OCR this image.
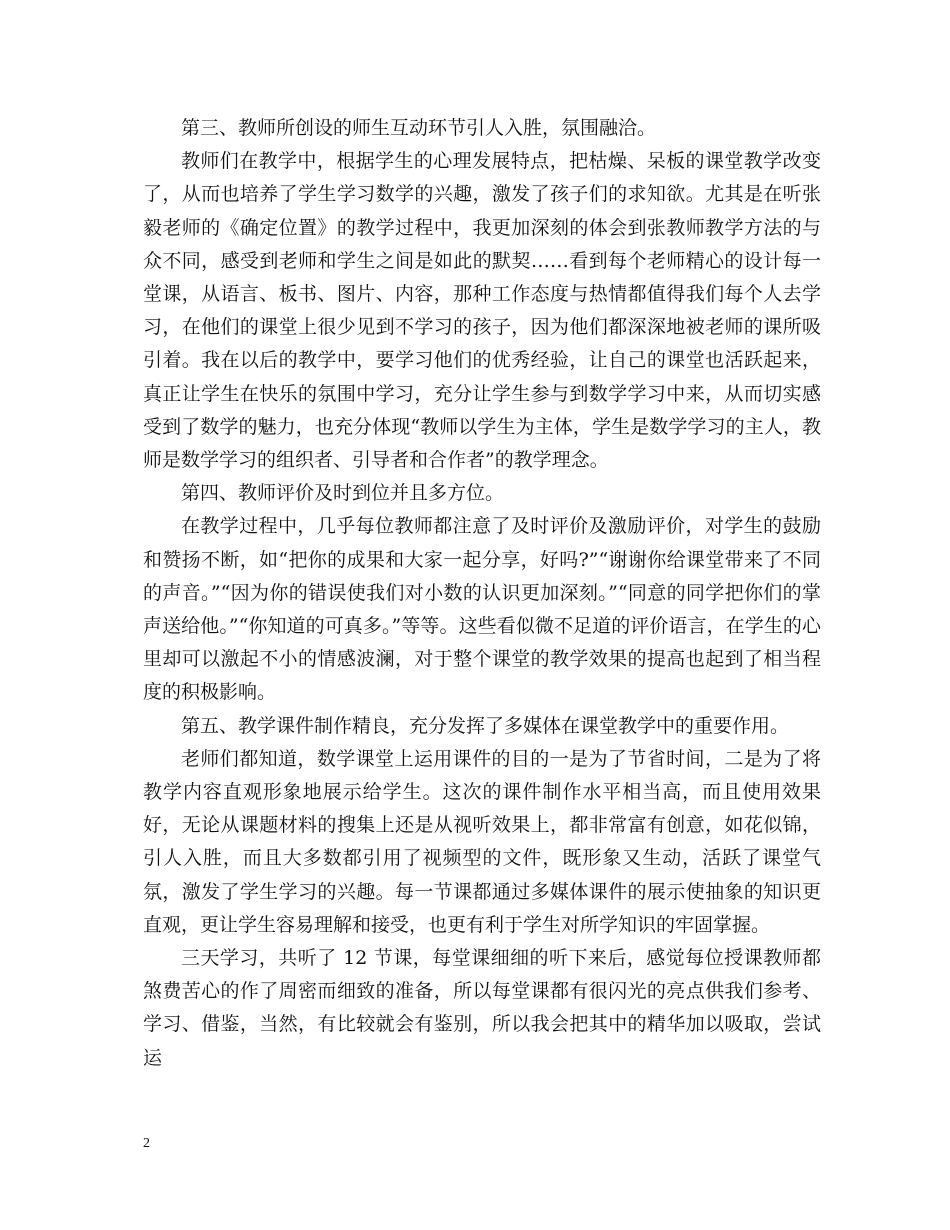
第三、教师所创设的师生互动环节引人入胜，氛围融洽。

教师们在教学中，根据学生的心理发展特点，把枯燥、呆板的课堂教学改变了，从而也培养了学生学习数学的兴趣，激发了孩子们的求知欲。尤其是在听张毅老师的《确定位置》的教学过程中，我更加深刻的体会到张教师教学方法的与众不同，感受到老师和学生之间是如此的默契……看到每个老师精心的设计每一堂课，从语言、板书、图片、内容，那种工作态度与热情都值得我们每个人去学习，在他们的课堂上很少见到不学习的孩子，因为他们都深深地被老师的课所吸引着。我在以后的教学中，要学习他们的优秀经验，让自己的课堂也活跃起来，真正让学生在快乐的氛围中学习，充分让学生参与到数学学习中来，从而切实感受到了数学的魅力，也充分体现“教师以学生为主体，学生是数学学习的主人，教师是数学学习的组织者、引导者和合作者”的教学理念。

第四、教师评价及时到位并且多方位。

在教学过程中，几乎每位教师都注意了及时评价及激励评价，对学生的鼓励和赞扬不断，如“把你的成果和大家一起分享，好吗?”“谢谢你给课堂带来了不同的声音。”“因为你的错误使我们对小数的认识更加深刻。”“同意的同学把你们的掌声送给他。”“你知道的可真多。”等等。这些看似微不足道的评价语言，在学生的心里却可以激起不小的情感波澜，对于整个课堂的教学效果的提高也起到了相当程度的积极影响。

第五、教学课件制作精良，充分发挥了多媒体在课堂教学中的重要作用。

老师们都知道，数学课堂上运用课件的目的一是为了节省时间，二是为了将教学内容直观形象地展示给学生。这次的课件制作水平相当高，而且使用效果好，无论从课题材料的搜集上还是从视听效果上，都非常富有创意，如花似锦，引人入胜，而且大多数都引用了视频型的文件，既形象又生动，活跃了课堂气氛，激发了学生学习的兴趣。每一节课都通过多媒体课件的展示使抽象的知识更直观，更让学生容易理解和接受，也更有利于学生对所学知识的牢固掌握。

三天学习，共听了 12 节课，每堂课细细的听下来后，感觉每位授课教师都煞费苦心的作了周密而细致的准备，所以每堂课都有很闪光的亮点供我们参考、学习、借鉴，当然，有比较就会有鉴别，所以我会把其中的精华加以吸取，尝试运

2
